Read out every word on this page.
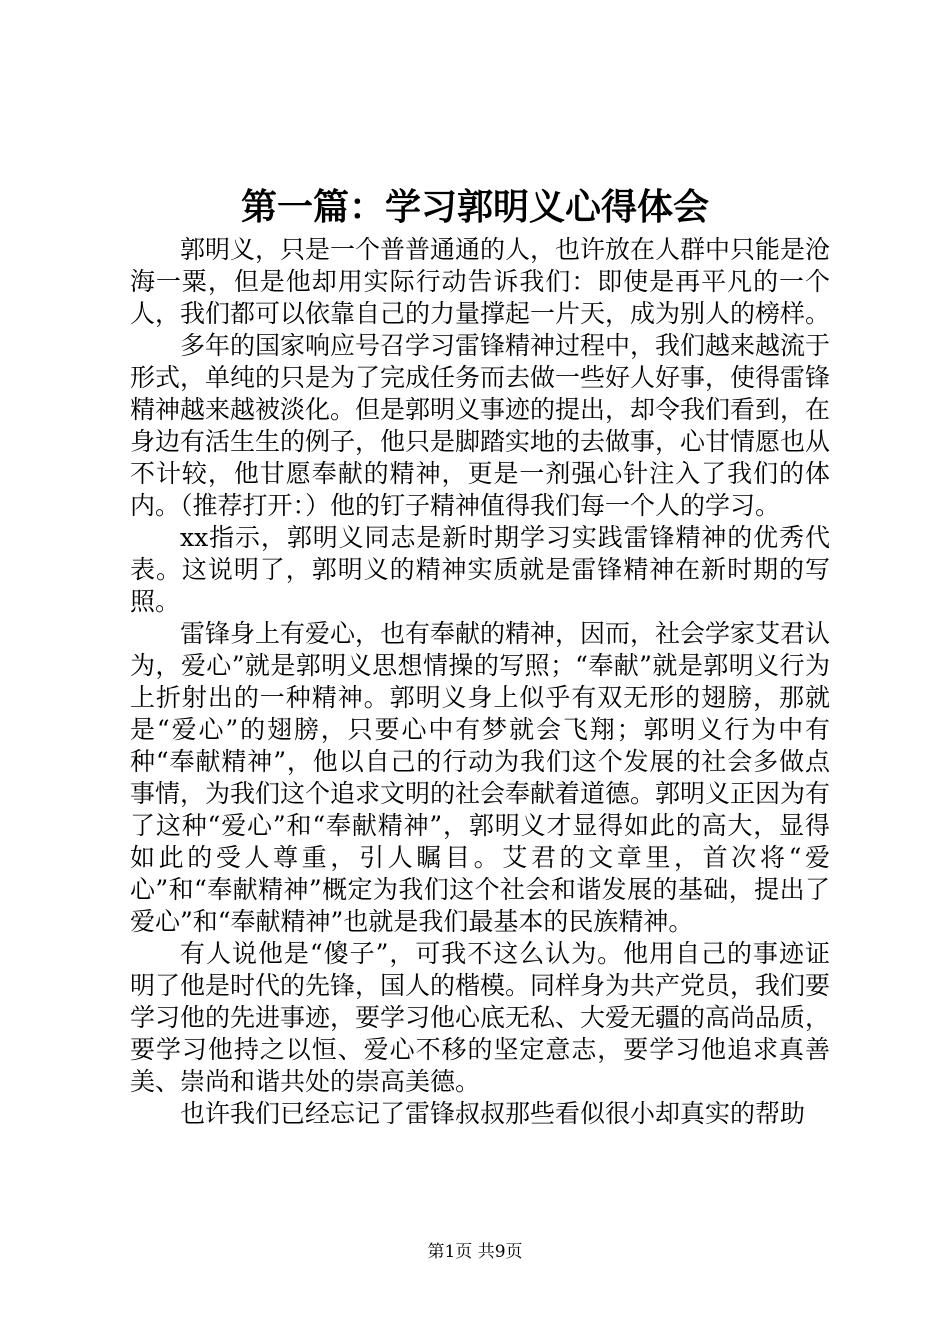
第一篇：学习郭明义心得体会

郭明义，只是一个普普通通的人，也许放在人群中只能是沧海一粟，但是他却用实际行动告诉我们：即使是再平凡的一个人，我们都可以依靠自己的力量撑起一片天，成为别人的榜样。

多年的国家响应号召学习雷锋精神过程中，我们越来越流于形式，单纯的只是为了完成任务而去做一些好人好事，使得雷锋精神越来越被淡化。但是郭明义事迹的提出，却令我们看到，在身边有活生生的例子，他只是脚踏实地的去做事，心甘情愿也从不计较，他甘愿奉献的精神，更是一剂强心针注入了我们的体内。（推荐打开：）他的钉子精神值得我们每一个人的学习。

xx指示，郭明义同志是新时期学习实践雷锋精神的优秀代表。这说明了，郭明义的精神实质就是雷锋精神在新时期的写照。

雷锋身上有爱心，也有奉献的精神，因而，社会学家艾君认为，爱心”就是郭明义思想情操的写照；“奉献”就是郭明义行为上折射出的一种精神。郭明义身上似乎有双无形的翅膀，那就是“爱心”的翅膀，只要心中有梦就会飞翔；郭明义行为中有种“奉献精神”，他以自己的行动为我们这个发展的社会多做点事情，为我们这个追求文明的社会奉献着道德。郭明义正因为有了这种“爱心”和“奉献精神”，郭明义才显得如此的高大，显得如此的受人尊重，引人瞩目。艾君的文章里，首次将“爱心”和“奉献精神”概定为我们这个社会和谐发展的基础，提出了爱心”和“奉献精神”也就是我们最基本的民族精神。

有人说他是“傻子”，可我不这么认为。他用自己的事迹证明了他是时代的先锋，国人的楷模。同样身为共产党员，我们要学习他的先进事迹，要学习他心底无私、大爱无疆的高尚品质，要学习他持之以恒、爱心不移的坚定意志，要学习他追求真善美、崇尚和谐共处的崇高美德。

也许我们已经忘记了雷锋叔叔那些看似很小却真实的帮助

第1页 共9页
